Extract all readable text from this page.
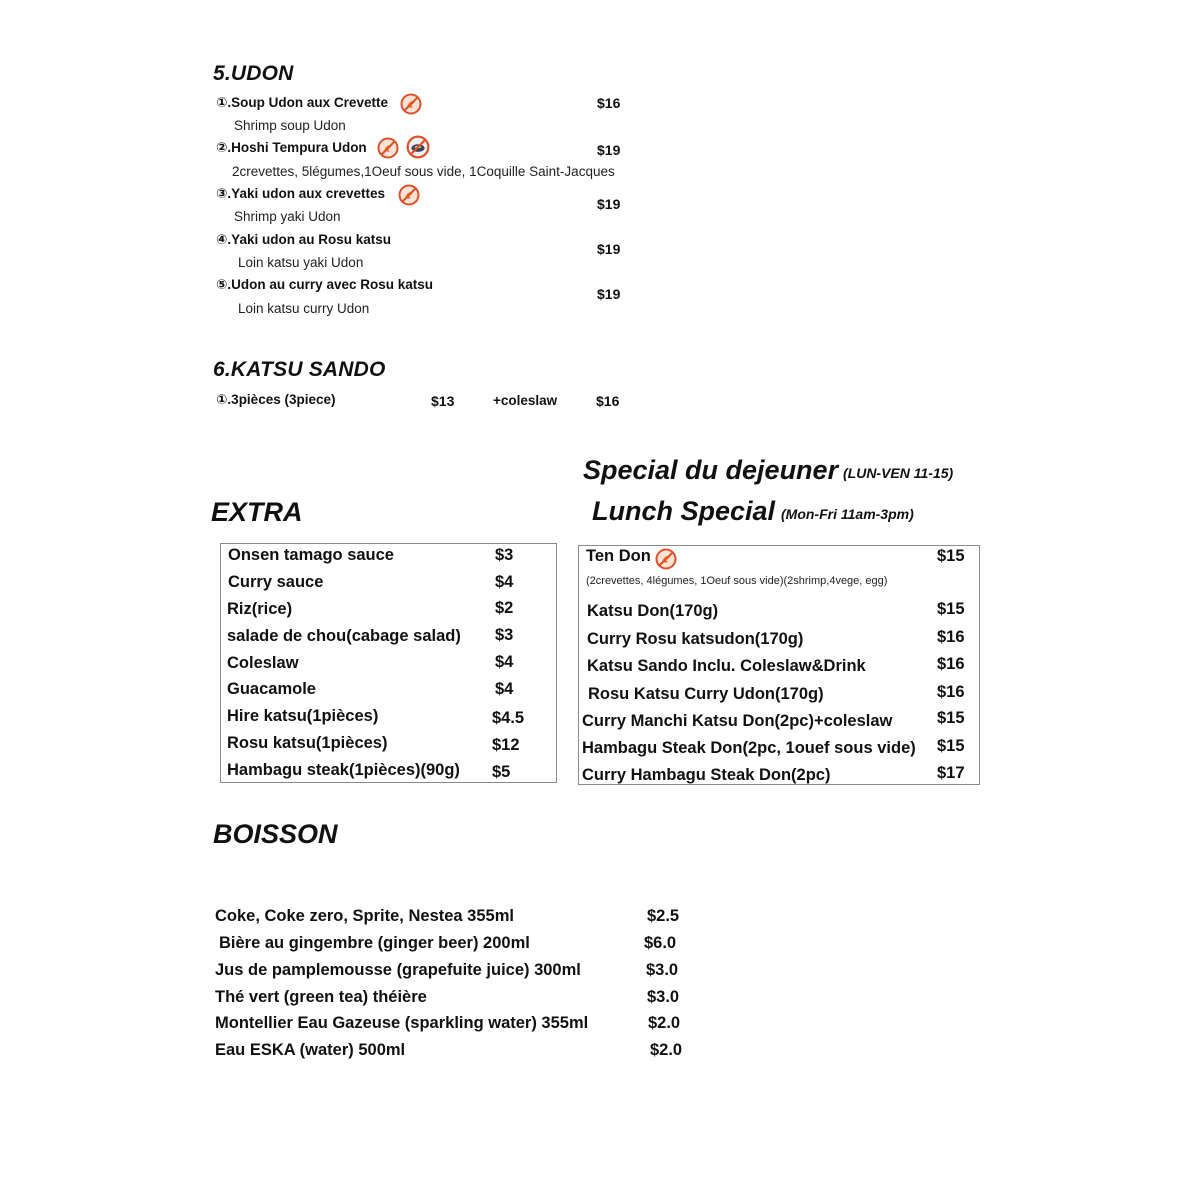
5.UDON
①.Soup Udon aux Crevette	$16
Shrimp soup Udon
②.Hoshi Tempura Udon	$19
2crevettes, 5légumes,1Oeuf sous vide, 1Coquille Saint-Jacques
③.Yaki udon aux crevettes
$19
Shrimp yaki Udon
④.Yaki udon au Rosu katsu
$19
Loin katsu yaki Udon
⑤.Udon au curry avec Rosu katsu
$19
Loin katsu curry Udon
6.KATSU SANDO
①.3pièces (3piece)	$13	+coleslaw	$16
Special du dejeuner (LUN-VEN 11-15)
Lunch Special (Mon-Fri 11am-3pm)
EXTRA
Onsen tamago sauce	$3
Curry sauce	$4
Riz(rice)	$2
salade de chou(cabage salad) $3
Coleslaw	$4
Guacamole	$4
Hire katsu(1pièces)	$4.5
Rosu katsu(1pièces)	$12
Hambagu steak(1pièces)(90g) $5
Ten Don	$15
(2crevettes, 4légumes, 1Oeuf sous vide)(2shrimp,4vege, egg)
Katsu Don(170g)	$15
Curry Rosu katsudon(170g)	$16
Katsu Sando Inclu. Coleslaw&Drink	$16
Rosu Katsu Curry Udon(170g)	$16
Curry Manchi Katsu Don(2pc)+coleslaw	$15
Hambagu Steak Don(2pc, 1ouef sous vide) $15
Curry Hambagu Steak Don(2pc)	$17
BOISSON
Coke, Coke zero, Sprite, Nestea 355ml	$2.5
Bière au gingembre (ginger beer) 200ml	$6.0
Jus de pamplemousse (grapefuite juice) 300ml	$3.0
Thé vert (green tea) théière	$3.0
Montellier Eau Gazeuse (sparkling water) 355ml	$2.0
Eau ESKA (water) 500ml	$2.0
